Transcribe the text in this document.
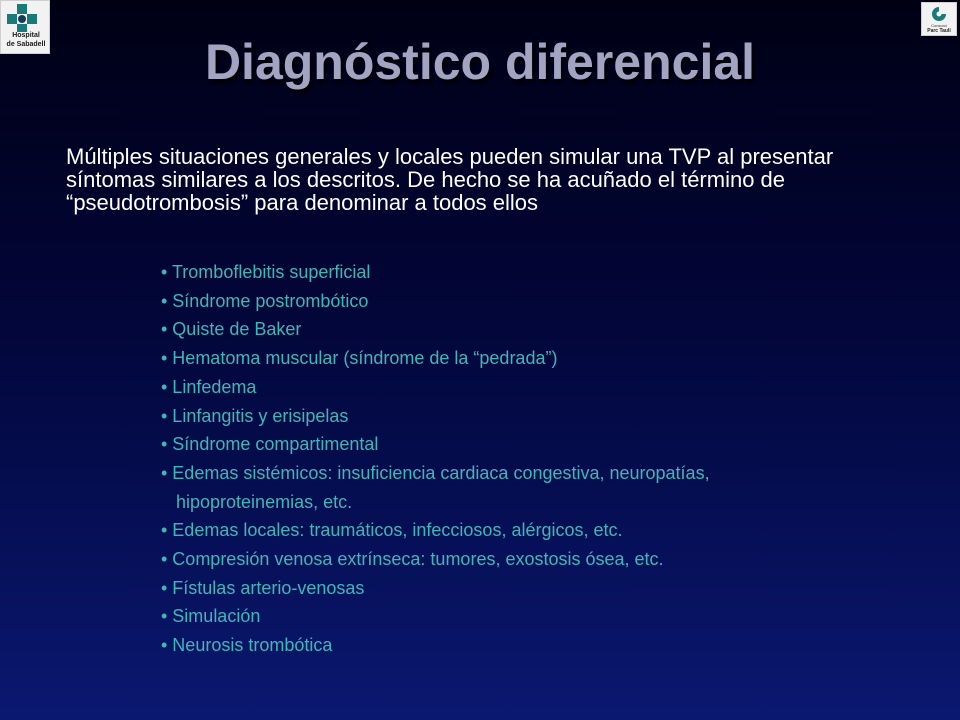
Hospital
de Sabadell
Consorci
Parc Taulí
Diagnóstico diferencial

Múltiples situaciones generales y locales pueden simular una TVP al presentar síntomas similares a los descritos. De hecho se ha acuñado el término de “pseudotrombosis” para denominar a todos ellos

• Tromboflebitis superficial
• Síndrome postrombótico
• Quiste de Baker
• Hematoma muscular (síndrome de la “pedrada”)
• Linfedema
• Linfangitis y erisipelas
• Síndrome compartimental
• Edemas sistémicos: insuficiencia cardiaca congestiva, neuropatías,
hipoproteinemias, etc.
• Edemas locales: traumáticos, infecciosos, alérgicos, etc.
• Compresión venosa extrínseca: tumores, exostosis ósea, etc.
• Fístulas arterio-venosas
• Simulación
• Neurosis trombótica
